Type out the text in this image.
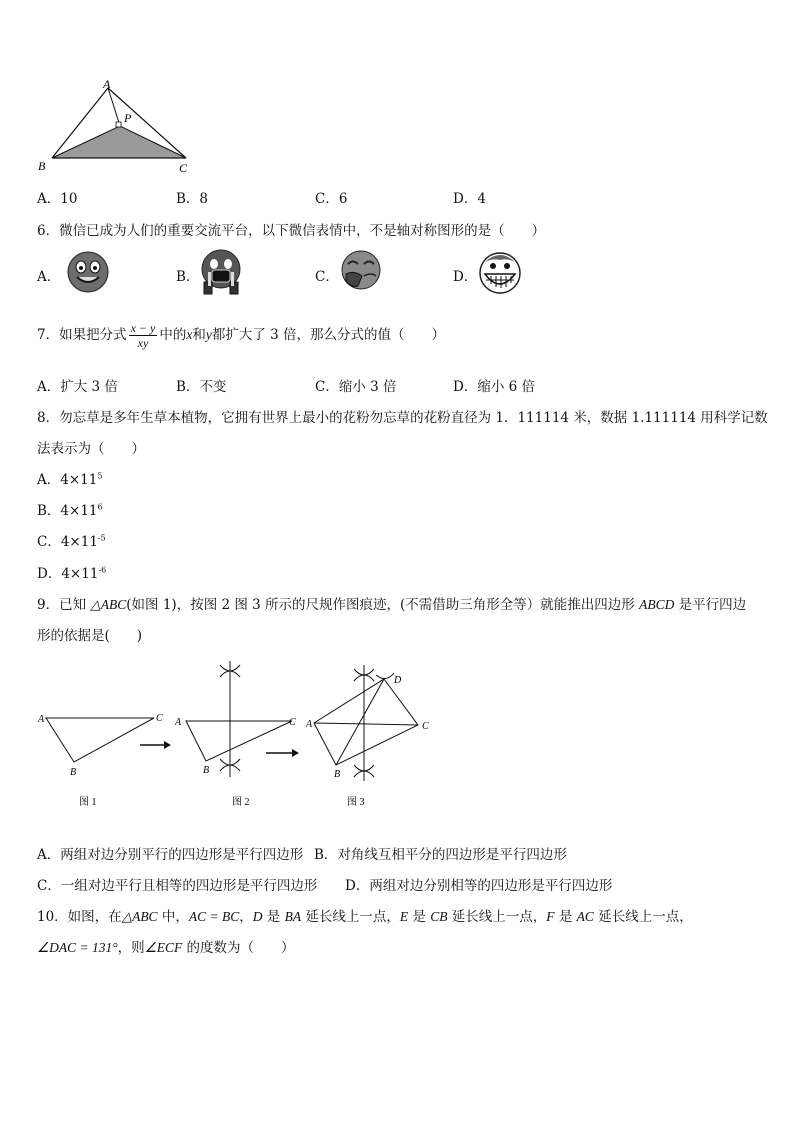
A
B	C
P
A．10	B．8	C．6	D．4
6．微信已成为人们的重要交流平台，以下微信表情中，不是轴对称图形的是（　　）
A．	B．	C．	D．
7．如果把分式 $\frac{x - y}{xy}$ 中的x和y都扩大了 3 倍，那么分式的值（　　）
A．扩大 3 倍	B．不变	C．缩小 3 倍	D．缩小 6 倍
8．勿忘草是多年生草本植物，它拥有世界上最小的花粉勿忘草的花粉直径为 1．111114 米，数据 1.111114 用科学记数
法表示为（　　）
A．$4\times 11^5$
B．$4\times 11^6$
C．$4\times 11^{-5}$
D．$4\times 11^{-6}$
9．已知 △ABC(如图 1)，按图 2 图 3 所示的尺规作图痕迹，(不需借助三角形全等）就能推出四边形 ABCD 是平行四边
形的依据是(　　)
A	C
B
图 1
A	C
B
图 2
A	C
B
D
图 3
A．两组对边分别平行的四边形是平行四边形 B．对角线互相平分的四边形是平行四边形
C．一组对边平行且相等的四边形是平行四边形 D．两组对边分别相等的四边形是平行四边形
10．如图，在△ABC 中，AC = BC，D 是 BA 延长线上一点，E 是 CB 延长线上一点，F 是 AC 延长线上一点，
∠DAC = 131°，则∠ECF 的度数为（　　）
